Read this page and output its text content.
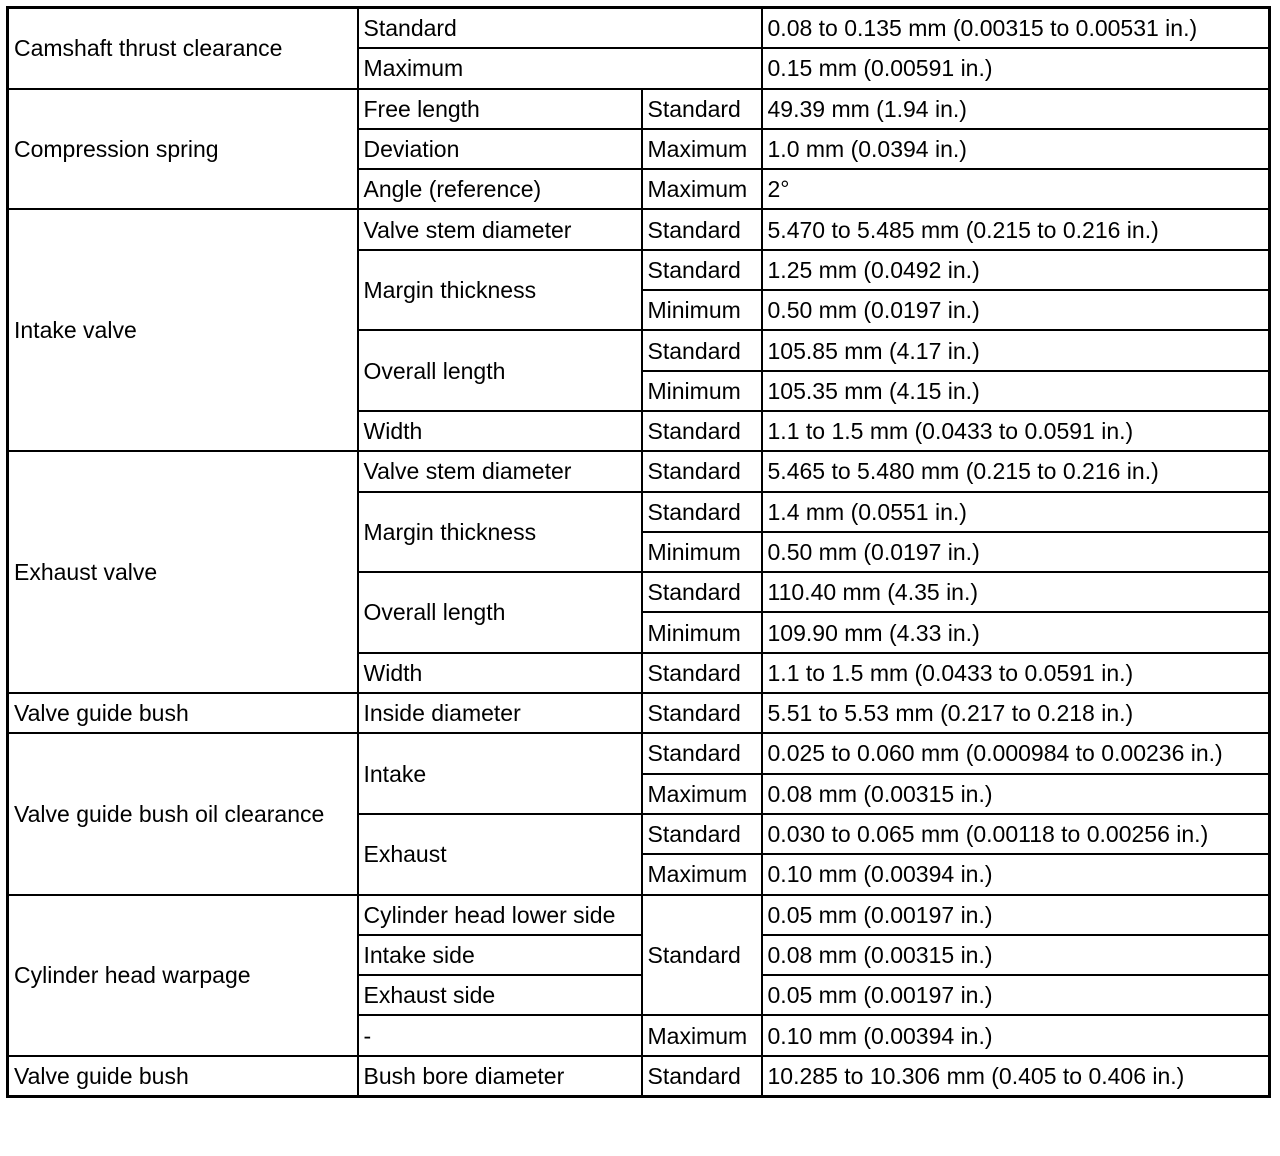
Camshaft thrust clearance	Standard		0.08 to 0.135 mm (0.00315 to 0.00531 in.)
	Maximum		0.15 mm (0.00591 in.)
Compression spring	Free length	Standard	49.39 mm (1.94 in.)
	Deviation	Maximum	1.0 mm (0.0394 in.)
	Angle (reference)	Maximum	2°
Intake valve	Valve stem diameter	Standard	5.470 to 5.485 mm (0.215 to 0.216 in.)
	Margin thickness	Standard	1.25 mm (0.0492 in.)
		Minimum	0.50 mm (0.0197 in.)
	Overall length	Standard	105.85 mm (4.17 in.)
		Minimum	105.35 mm (4.15 in.)
	Width	Standard	1.1 to 1.5 mm (0.0433 to 0.0591 in.)
Exhaust valve	Valve stem diameter	Standard	5.465 to 5.480 mm (0.215 to 0.216 in.)
	Margin thickness	Standard	1.4 mm (0.0551 in.)
		Minimum	0.50 mm (0.0197 in.)
	Overall length	Standard	110.40 mm (4.35 in.)
		Minimum	109.90 mm (4.33 in.)
	Width	Standard	1.1 to 1.5 mm (0.0433 to 0.0591 in.)
Valve guide bush	Inside diameter	Standard	5.51 to 5.53 mm (0.217 to 0.218 in.)
Valve guide bush oil clearance	Intake	Standard	0.025 to 0.060 mm (0.000984 to 0.00236 in.)
		Maximum	0.08 mm (0.00315 in.)
	Exhaust	Standard	0.030 to 0.065 mm (0.00118 to 0.00256 in.)
		Maximum	0.10 mm (0.00394 in.)
Cylinder head warpage	Cylinder head lower side	Standard	0.05 mm (0.00197 in.)
	Intake side		0.08 mm (0.00315 in.)
	Exhaust side		0.05 mm (0.00197 in.)
	-	Maximum	0.10 mm (0.00394 in.)
Valve guide bush	Bush bore diameter	Standard	10.285 to 10.306 mm (0.405 to 0.406 in.)
